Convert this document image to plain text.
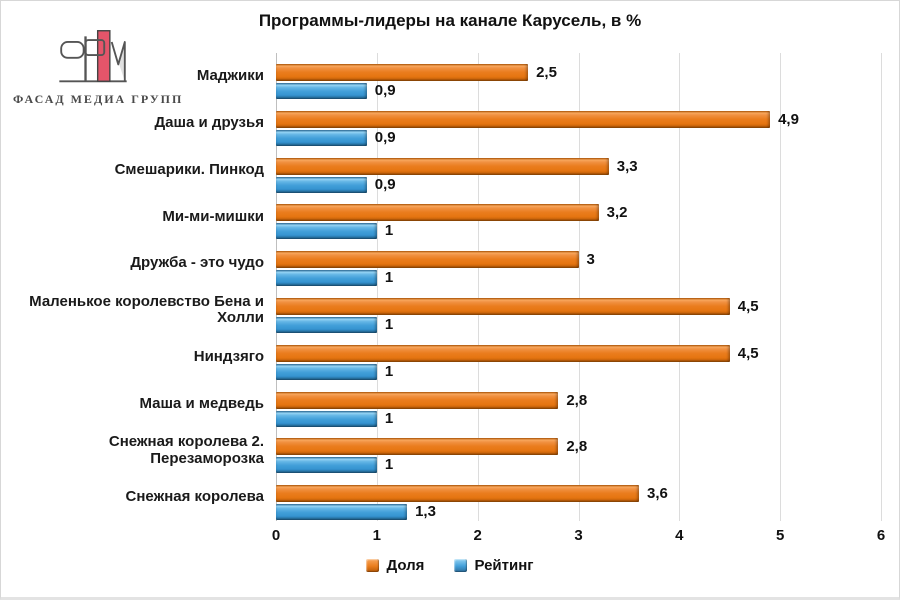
ФАСАД МЕДИА ГРУПП
Программы-лидеры на канале Карусель, в %
Маджики	2,5
0,9
Даша и друзья	4,9
0,9
Смешарики. Пинкод	3,3
0,9
Ми-ми-мишки	3,2
1
Дружба - это чудо	3
1
Маленькое королевство Бена и Холли
4,5
1
Ниндзяго	4,5
1
Маша и медведь	2,8
1
Снежная королева 2. Перезаморозка
2,8
1
Снежная королева	3,6
1,3
0	1	2	3	4	5	6
Доля	Рейтинг
